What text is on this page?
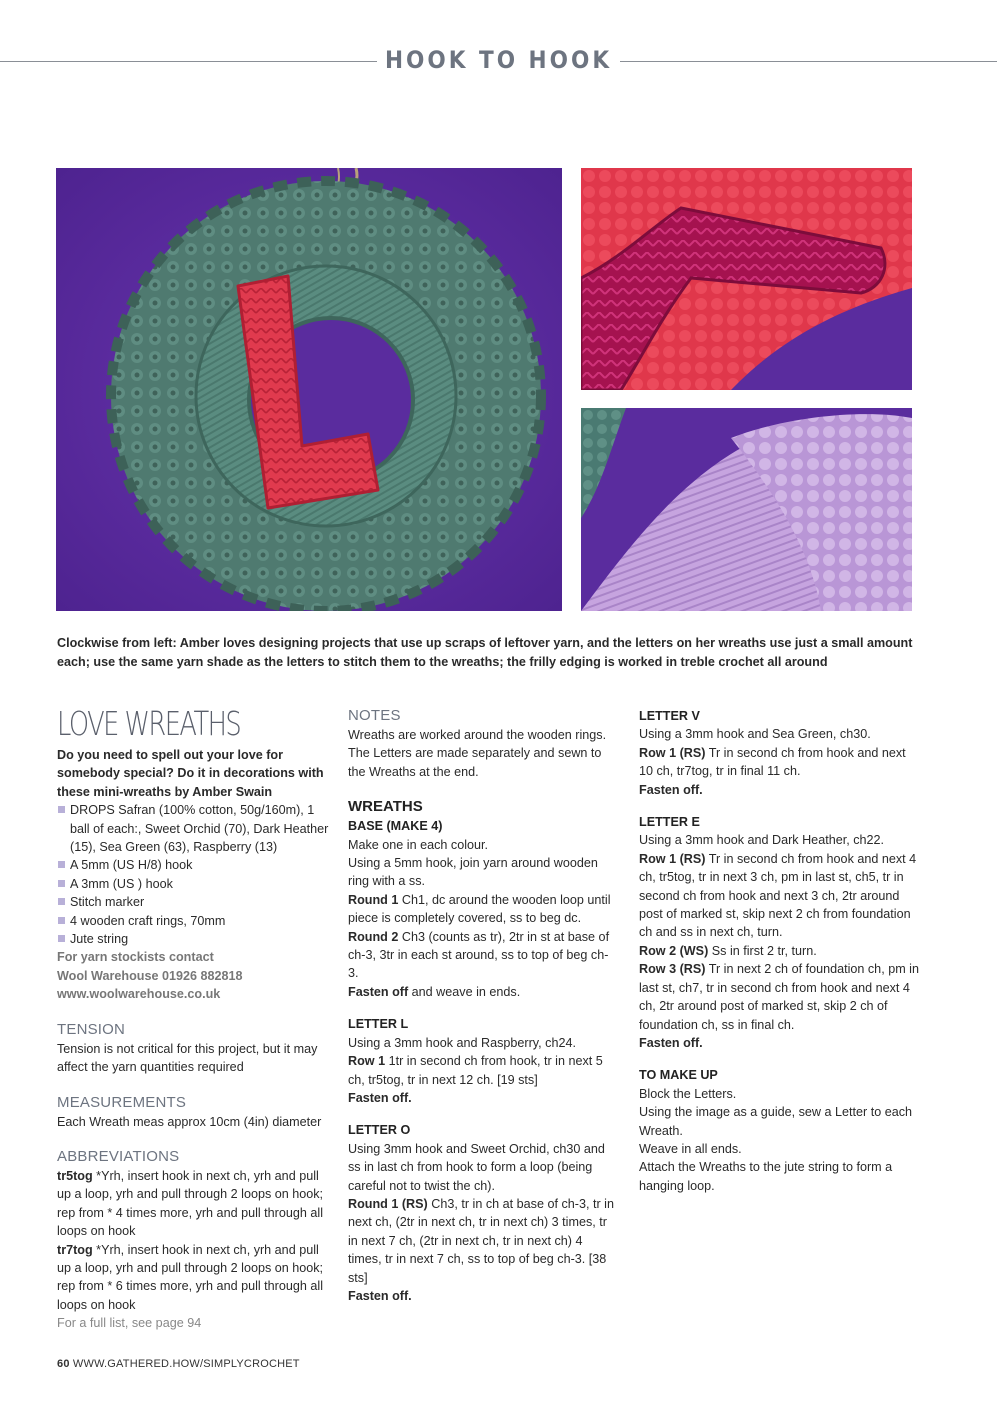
HOOK TO HOOK
Clockwise from left: Amber loves designing projects that use up scraps of leftover yarn, and the letters on her wreaths use just a small amount each; use the same yarn shade as the letters to stitch them to the wreaths; the frilly edging is worked in treble crochet all around
LOVE WREATHS

Do you need to spell out your love for somebody special? Do it in decorations with these mini-wreaths by Amber Swain

DROPS Safran (100% cotton, 50g/160m), 1 ball of each:, Sweet Orchid (70), Dark Heather (15), Sea Green (63), Raspberry (13)
A 5mm (US H/8) hook
A 3mm (US ) hook
Stitch marker
4 wooden craft rings, 70mm
Jute string

For yarn stockists contact

Wool Warehouse 01926 882818

www.woolwarehouse.co.uk

TENSION

Tension is not critical for this project, but it may affect the yarn quantities required

MEASUREMENTS

Each Wreath meas approx 10cm (4in) diameter

ABBREVIATIONS

tr5tog *Yrh, insert hook in next ch, yrh and pull up a loop, yrh and pull through 2 loops on hook; rep from * 4 times more, yrh and pull through all loops on hook

tr7tog *Yrh, insert hook in next ch, yrh and pull up a loop, yrh and pull through 2 loops on hook; rep from * 6 times more, yrh and pull through all loops on hook

For a full list, see page 94

NOTES

Wreaths are worked around the wooden rings. The Letters are made separately and sewn to the Wreaths at the end.

WREATHS

BASE (MAKE 4)

Make one in each colour.

Using a 5mm hook, join yarn around wooden ring with a ss.

Round 1 Ch1, dc around the wooden loop until piece is completely covered, ss to beg dc.

Round 2 Ch3 (counts as tr), 2tr in st at base of ch-3, 3tr in each st around, ss to top of beg ch-3.

Fasten off and weave in ends.

LETTER L

Using a 3mm hook and Raspberry, ch24.

Row 1 1tr in second ch from hook, tr in next 5 ch, tr5tog, tr in next 12 ch. [19 sts]

Fasten off.

LETTER O

Using 3mm hook and Sweet Orchid, ch30 and ss in last ch from hook to form a loop (being careful not to twist the ch).

Round 1 (RS) Ch3, tr in ch at base of ch-3, tr in next ch, (2tr in next ch, tr in next ch) 3 times, tr in next 7 ch, (2tr in next ch, tr in next ch) 4 times, tr in next 7 ch, ss to top of beg ch-3. [38 sts]

Fasten off.

LETTER V

Using a 3mm hook and Sea Green, ch30.

Row 1 (RS) Tr in second ch from hook and next 10 ch, tr7tog, tr in final 11 ch.

Fasten off.

LETTER E

Using a 3mm hook and Dark Heather, ch22.

Row 1 (RS) Tr in second ch from hook and next 4 ch, tr5tog, tr in next 3 ch, pm in last st, ch5, tr in second ch from hook and next 3 ch, 2tr around post of marked st, skip next 2 ch from foundation ch and ss in next ch, turn.

Row 2 (WS) Ss in first 2 tr, turn.

Row 3 (RS) Tr in next 2 ch of foundation ch, pm in last st, ch7, tr in second ch from hook and next 4 ch, 2tr around post of marked st, skip 2 ch of foundation ch, ss in final ch.

Fasten off.

TO MAKE UP

Block the Letters.

Using the image as a guide, sew a Letter to each Wreath.

Weave in all ends.

Attach the Wreaths to the jute string to form a hanging loop.

60 WWW.GATHERED.HOW/SIMPLYCROCHET
